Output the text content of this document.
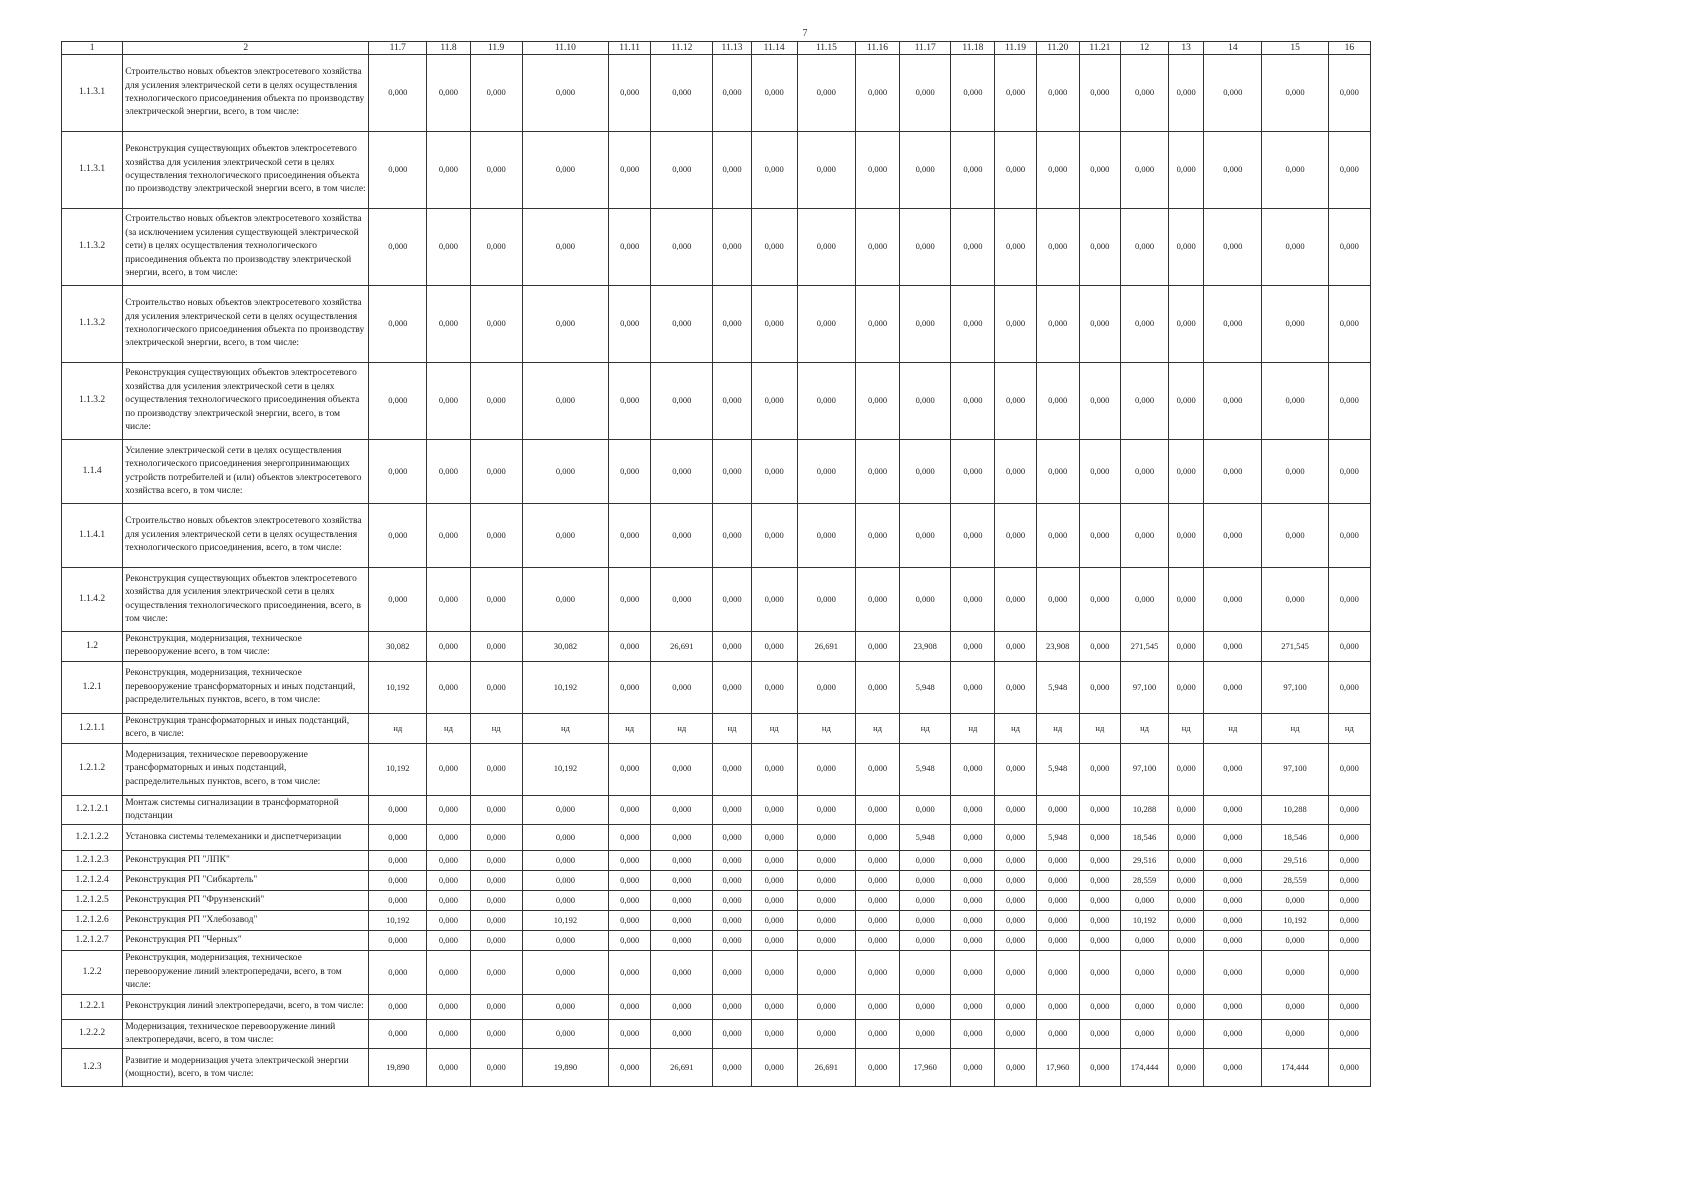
7
1	2	11.7	11.8	11.9	11.10	11.11	11.12	11.13	11.14	11.15	11.16	11.17	11.18	11.19	11.20	11.21	12	13	14	15	16
1.1.3.1	Строительство новых объектов электросетевого хозяйства для усиления электрической сети в целях осуществления технологического присоединения объекта по производству электрической энергии, всего, в том числе:	0,000	0,000	0,000	0,000	0,000	0,000	0,000	0,000	0,000	0,000	0,000	0,000	0,000	0,000	0,000	0,000	0,000	0,000	0,000	0,000
1.1.3.1	Реконструкция существующих объектов электросетевого хозяйства для усиления электрической сети в целях осуществления технологического присоединения объекта по производству электрической энергии всего, в том числе:	0,000	0,000	0,000	0,000	0,000	0,000	0,000	0,000	0,000	0,000	0,000	0,000	0,000	0,000	0,000	0,000	0,000	0,000	0,000	0,000
1.1.3.2	Строительство новых объектов электросетевого хозяйства (за исключением усиления существующей электрической сети) в целях осуществления технологического присоединения объекта по производству электрической энергии, всего, в том числе:	0,000	0,000	0,000	0,000	0,000	0,000	0,000	0,000	0,000	0,000	0,000	0,000	0,000	0,000	0,000	0,000	0,000	0,000	0,000	0,000
1.1.3.2	Строительство новых объектов электросетевого хозяйства для усиления электрической сети в целях осуществления технологического присоединения объекта по производству электрической энергии, всего, в том числе:	0,000	0,000	0,000	0,000	0,000	0,000	0,000	0,000	0,000	0,000	0,000	0,000	0,000	0,000	0,000	0,000	0,000	0,000	0,000	0,000
1.1.3.2	Реконструкция существующих объектов электросетевого хозяйства для усиления электрической сети в целях осуществления технологического присоединения объекта по производству электрической энергии, всего, в том числе:	0,000	0,000	0,000	0,000	0,000	0,000	0,000	0,000	0,000	0,000	0,000	0,000	0,000	0,000	0,000	0,000	0,000	0,000	0,000	0,000
1.1.4	Усиление электрической сети в целях осуществления технологического присоединения энергопринимающих устройств потребителей и (или) объектов электросетевого хозяйства всего, в том числе:	0,000	0,000	0,000	0,000	0,000	0,000	0,000	0,000	0,000	0,000	0,000	0,000	0,000	0,000	0,000	0,000	0,000	0,000	0,000	0,000
1.1.4.1	Строительство новых объектов электросетевого хозяйства для усиления электрической сети в целях осуществления технологического присоединения, всего, в том числе:	0,000	0,000	0,000	0,000	0,000	0,000	0,000	0,000	0,000	0,000	0,000	0,000	0,000	0,000	0,000	0,000	0,000	0,000	0,000	0,000
1.1.4.2	Реконструкция существующих объектов электросетевого хозяйства для усиления электрической сети в целях осуществления технологического присоединения, всего, в том числе:	0,000	0,000	0,000	0,000	0,000	0,000	0,000	0,000	0,000	0,000	0,000	0,000	0,000	0,000	0,000	0,000	0,000	0,000	0,000	0,000
1.2	Реконструкция, модернизация, техническое перевооружение всего, в том числе:	30,082	0,000	0,000	30,082	0,000	26,691	0,000	0,000	26,691	0,000	23,908	0,000	0,000	23,908	0,000	271,545	0,000	0,000	271,545	0,000
1.2.1	Реконструкция, модернизация, техническое перевооружение трансформаторных и иных подстанций, распределительных пунктов, всего, в том числе:	10,192	0,000	0,000	10,192	0,000	0,000	0,000	0,000	0,000	0,000	5,948	0,000	0,000	5,948	0,000	97,100	0,000	0,000	97,100	0,000
1.2.1.1	Реконструкция трансформаторных и иных подстанций, всего, в числе:	нд	нд	нд	нд	нд	нд	нд	нд	нд	нд	нд	нд	нд	нд	нд	нд	нд	нд	нд	нд
1.2.1.2	Модернизация, техническое перевооружение трансформаторных и иных подстанций, распределительных пунктов, всего, в том числе:	10,192	0,000	0,000	10,192	0,000	0,000	0,000	0,000	0,000	0,000	5,948	0,000	0,000	5,948	0,000	97,100	0,000	0,000	97,100	0,000
1.2.1.2.1	Монтаж системы сигнализации в трансформаторной подстанции	0,000	0,000	0,000	0,000	0,000	0,000	0,000	0,000	0,000	0,000	0,000	0,000	0,000	0,000	0,000	10,288	0,000	0,000	10,288	0,000
1.2.1.2.2	Установка системы телемеханики и диспетчеризации	0,000	0,000	0,000	0,000	0,000	0,000	0,000	0,000	0,000	0,000	5,948	0,000	0,000	5,948	0,000	18,546	0,000	0,000	18,546	0,000
1.2.1.2.3	Реконструкция РП "ЛПК"	0,000	0,000	0,000	0,000	0,000	0,000	0,000	0,000	0,000	0,000	0,000	0,000	0,000	0,000	0,000	29,516	0,000	0,000	29,516	0,000
1.2.1.2.4	Реконструкция РП "Сибкартель"	0,000	0,000	0,000	0,000	0,000	0,000	0,000	0,000	0,000	0,000	0,000	0,000	0,000	0,000	0,000	28,559	0,000	0,000	28,559	0,000
1.2.1.2.5	Реконструкция РП "Фрунзенский"	0,000	0,000	0,000	0,000	0,000	0,000	0,000	0,000	0,000	0,000	0,000	0,000	0,000	0,000	0,000	0,000	0,000	0,000	0,000	0,000
1.2.1.2.6	Реконструкция РП "Хлебозавод"	10,192	0,000	0,000	10,192	0,000	0,000	0,000	0,000	0,000	0,000	0,000	0,000	0,000	0,000	0,000	10,192	0,000	0,000	10,192	0,000
1.2.1.2.7	Реконструкция РП "Черных"	0,000	0,000	0,000	0,000	0,000	0,000	0,000	0,000	0,000	0,000	0,000	0,000	0,000	0,000	0,000	0,000	0,000	0,000	0,000	0,000
1.2.2	Реконструкция, модернизация, техническое перевооружение линий электропередачи, всего, в том числе:	0,000	0,000	0,000	0,000	0,000	0,000	0,000	0,000	0,000	0,000	0,000	0,000	0,000	0,000	0,000	0,000	0,000	0,000	0,000	0,000
1.2.2.1	Реконструкция линий электропередачи, всего, в том числе:	0,000	0,000	0,000	0,000	0,000	0,000	0,000	0,000	0,000	0,000	0,000	0,000	0,000	0,000	0,000	0,000	0,000	0,000	0,000	0,000
1.2.2.2	Модернизация, техническое перевооружение линий электропередачи, всего, в том числе:	0,000	0,000	0,000	0,000	0,000	0,000	0,000	0,000	0,000	0,000	0,000	0,000	0,000	0,000	0,000	0,000	0,000	0,000	0,000	0,000
1.2.3	Развитие и модернизация учета электрической энергии (мощности), всего, в том числе:	19,890	0,000	0,000	19,890	0,000	26,691	0,000	0,000	26,691	0,000	17,960	0,000	0,000	17,960	0,000	174,444	0,000	0,000	174,444	0,000
